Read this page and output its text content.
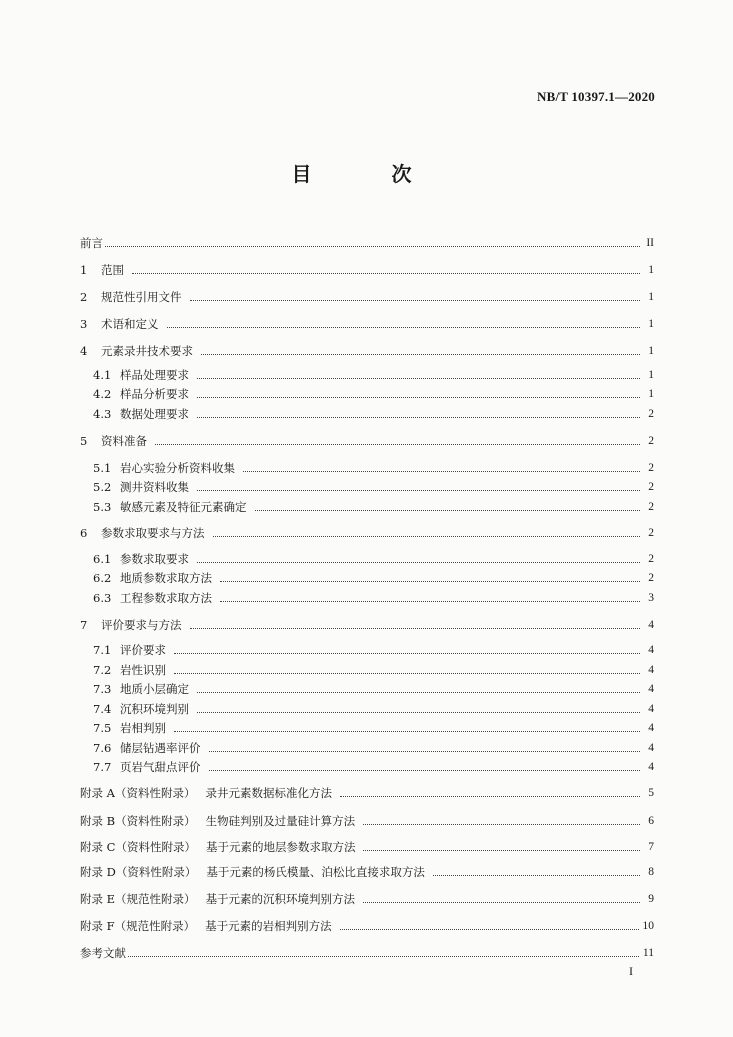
NB/T 10397.1—2020
目　次
前言	II
1	范围	1
2	规范性引用文件	1
3	术语和定义	1
4	元素录井技术要求	1
4.1 样品处理要求	1
4.2 样品分析要求	1
4.3 数据处理要求	2
5	资料准备	2
5.1 岩心实验分析资料收集	2
5.2 测井资料收集	2
5.3 敏感元素及特征元素确定	2
6	参数求取要求与方法	2
6.1 参数求取要求	2
6.2 地质参数求取方法	2
6.3 工程参数求取方法	3
7	评价要求与方法	4
7.1 评价要求	4
7.2 岩性识别	4
7.3 地质小层确定	4
7.4 沉积环境判别	4
7.5 岩相判别	4
7.6 储层钻遇率评价	4
7.7 页岩气甜点评价	4
附录 A（资料性附录） 录井元素数据标准化方法	5
附录 B（资料性附录） 生物硅判别及过量硅计算方法	6
附录 C（资料性附录） 基于元素的地层参数求取方法	7
附录 D（资料性附录） 基于元素的杨氏模量、泊松比直接求取方法	8
附录 E（规范性附录） 基于元素的沉积环境判别方法	9
附录 F（规范性附录） 基于元素的岩相判别方法	10
参考文献	11
I
